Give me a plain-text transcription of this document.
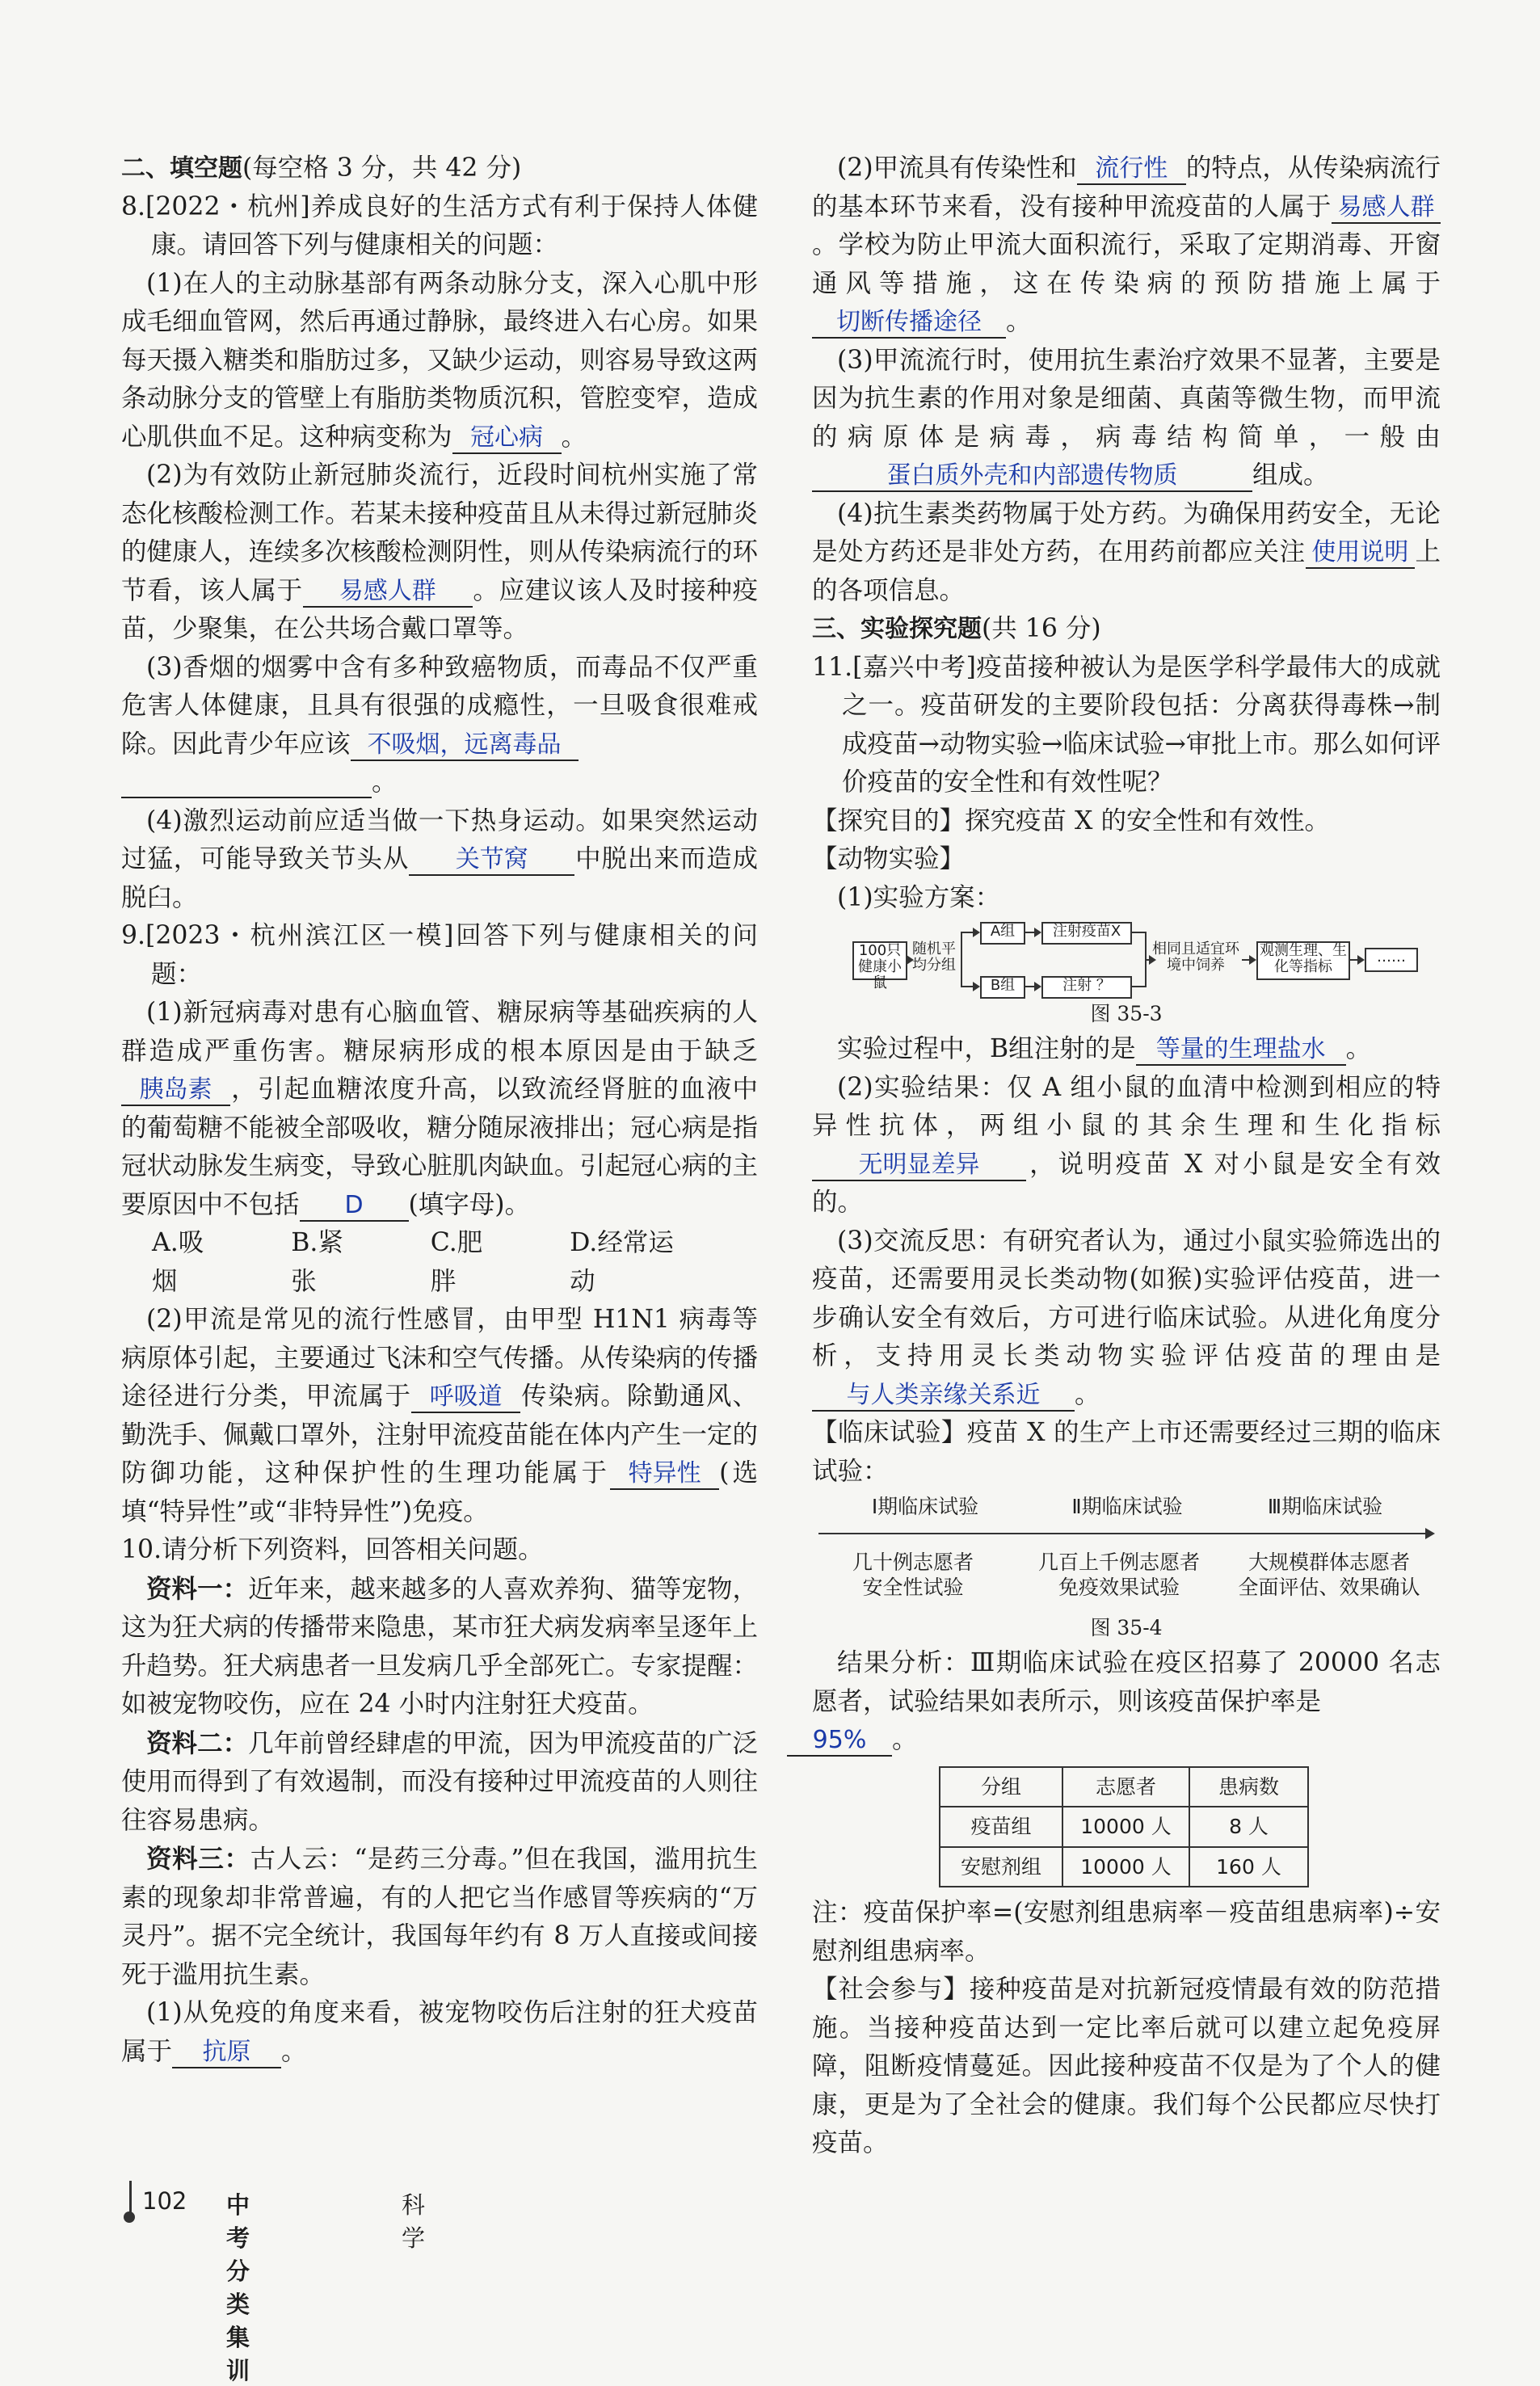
二、填空题(每空格 3 分，共 42 分)

8.[2022・杭州]养成良好的生活方式有利于保持人体健康。请回答下列与健康相关的问题：

(1)在人的主动脉基部有两条动脉分支，深入心肌中形成毛细血管网，然后再通过静脉，最终进入右心房。如果每天摄入糖类和脂肪过多，又缺少运动，则容易导致这两条动脉分支的管壁上有脂肪类物质沉积，管腔变窄，造成心肌供血不足。这种病变称为 冠心病 。

(2)为有效防止新冠肺炎流行，近段时间杭州实施了常态化核酸检测工作。若某未接种疫苗且从未得过新冠肺炎的健康人，连续多次核酸检测阴性，则从传染病流行的环节看，该人属于 易感人群 。应建议该人及时接种疫苗，少聚集，在公共场合戴口罩等。

(3)香烟的烟雾中含有多种致癌物质，而毒品不仅严重危害人体健康，且具有很强的成瘾性，一旦吸食很难戒除。因此青少年应该 不吸烟，远离毒品
。

(4)激烈运动前应适当做一下热身运动。如果突然运动过猛，可能导致关节头从 关节窝 中脱出来而造成脱臼。

9.[2023・杭州滨江区一模]回答下列与健康相关的问题：

(1)新冠病毒对患有心脑血管、糖尿病等基础疾病的人群造成严重伤害。糖尿病形成的根本原因是由于缺乏胰岛素 ，引起血糖浓度升高，以致流经肾脏的血液中的葡萄糖不能被全部吸收，糖分随尿液排出；冠心病是指冠状动脉发生病变，导致心脏肌肉缺血。引起冠心病的主要原因中不包括 D (填字母)。

A.吸烟
B.紧张
C.肥胖
D.经常运动

(2)甲流是常见的流行性感冒，由甲型 H1N1 病毒等病原体引起，主要通过飞沫和空气传播。从传染病的传播途径进行分类，甲流属于 呼吸道 传染病。除勤通风、勤洗手、佩戴口罩外，注射甲流疫苗能在体内产生一定的防御功能，这种保护性的生理功能属于 特异性 (选填“特异性”或“非特异性”)免疫。

10.请分析下列资料，回答相关问题。

资料一：近年来，越来越多的人喜欢养狗、猫等宠物，这为狂犬病的传播带来隐患，某市狂犬病发病率呈逐年上升趋势。狂犬病患者一旦发病几乎全部死亡。专家提醒：如被宠物咬伤，应在 24 小时内注射狂犬疫苗。

资料二：几年前曾经肆虐的甲流，因为甲流疫苗的广泛使用而得到了有效遏制，而没有接种过甲流疫苗的人则往往容易患病。

资料三：古人云：“是药三分毒。”但在我国，滥用抗生素的现象却非常普遍，有的人把它当作感冒等疾病的“万灵丹”。据不完全统计，我国每年约有 8 万人直接或间接死于滥用抗生素。

(1)从免疫的角度来看，被宠物咬伤后注射的狂犬疫苗属于 抗原 。

(2)甲流具有传染性和 流行性 的特点，从传染病流行的基本环节来看，没有接种甲流疫苗的人属于 易感人群。学校为防止甲流大面积流行，采取了定期消毒、开窗通风等措施，这在传染病的预防措施上属于切断传播途径 。

(3)甲流流行时，使用抗生素治疗效果不显著，主要是因为抗生素的作用对象是细菌、真菌等微生物，而甲流的病原体是病毒，病毒结构简单，一般由蛋白质外壳和内部遗传物质	组成。

(4)抗生素类药物属于处方药。为确保用药安全，无论是处方药还是非处方药，在用药前都应关注 使用说明 上的各项信息。

三、实验探究题(共 16 分)

11.[嘉兴中考]疫苗接种被认为是医学科学最伟大的成就之一。疫苗研发的主要阶段包括：分离获得毒株→制成疫苗→动物实验→临床试验→审批上市。那么如何评价疫苗的安全性和有效性呢？

【探究目的】探究疫苗 X 的安全性和有效性。

【动物实验】

(1)实验方案：

100只健康小鼠
随机平均分组
A组
B组
注射疫苗X
注射 ？
相同且适宜环境中饲养
观测生理、生化等指标
……
图 35-3

实验过程中，B组注射的是 等量的生理盐水 。

(2)实验结果：仅 A 组小鼠的血清中检测到相应的特异性抗体，两组小鼠的其余生理和生化指标无明显差异 ，说明疫苗 X 对小鼠是安全有效的。

(3)交流反思：有研究者认为，通过小鼠实验筛选出的疫苗，还需要用灵长类动物(如猴)实验评估疫苗，进一步确认安全有效后，方可进行临床试验。从进化角度分析，支持用灵长类动物实验评估疫苗的理由是与人类亲缘关系近 。

【临床试验】疫苗 X 的生产上市还需要经过三期的临床试验：

Ⅰ期临床试验	Ⅱ期临床试验	Ⅲ期临床试验
几十例志愿者
安全性试验
几百上千例志愿者
免疫效果试验
大规模群体志愿者
全面评估、效果确认
图 35-4

结果分析：Ⅲ期临床试验在疫区招募了 20000 名志愿者，试验结果如表所示，则该疫苗保护率是
95% 。

分组	志愿者	患病数
疫苗组	10000 人	8 人
安慰剂组	10000 人	160 人

注：疫苗保护率=(安慰剂组患病率－疫苗组患病率)÷安慰剂组患病率。

【社会参与】接种疫苗是对抗新冠疫情最有效的防范措施。当接种疫苗达到一定比率后就可以建立起免疫屏障，阻断疫情蔓延。因此接种疫苗不仅是为了个人的健康，更是为了全社会的健康。我们每个公民都应尽快打疫苗。

102 中考分类集训
科学
